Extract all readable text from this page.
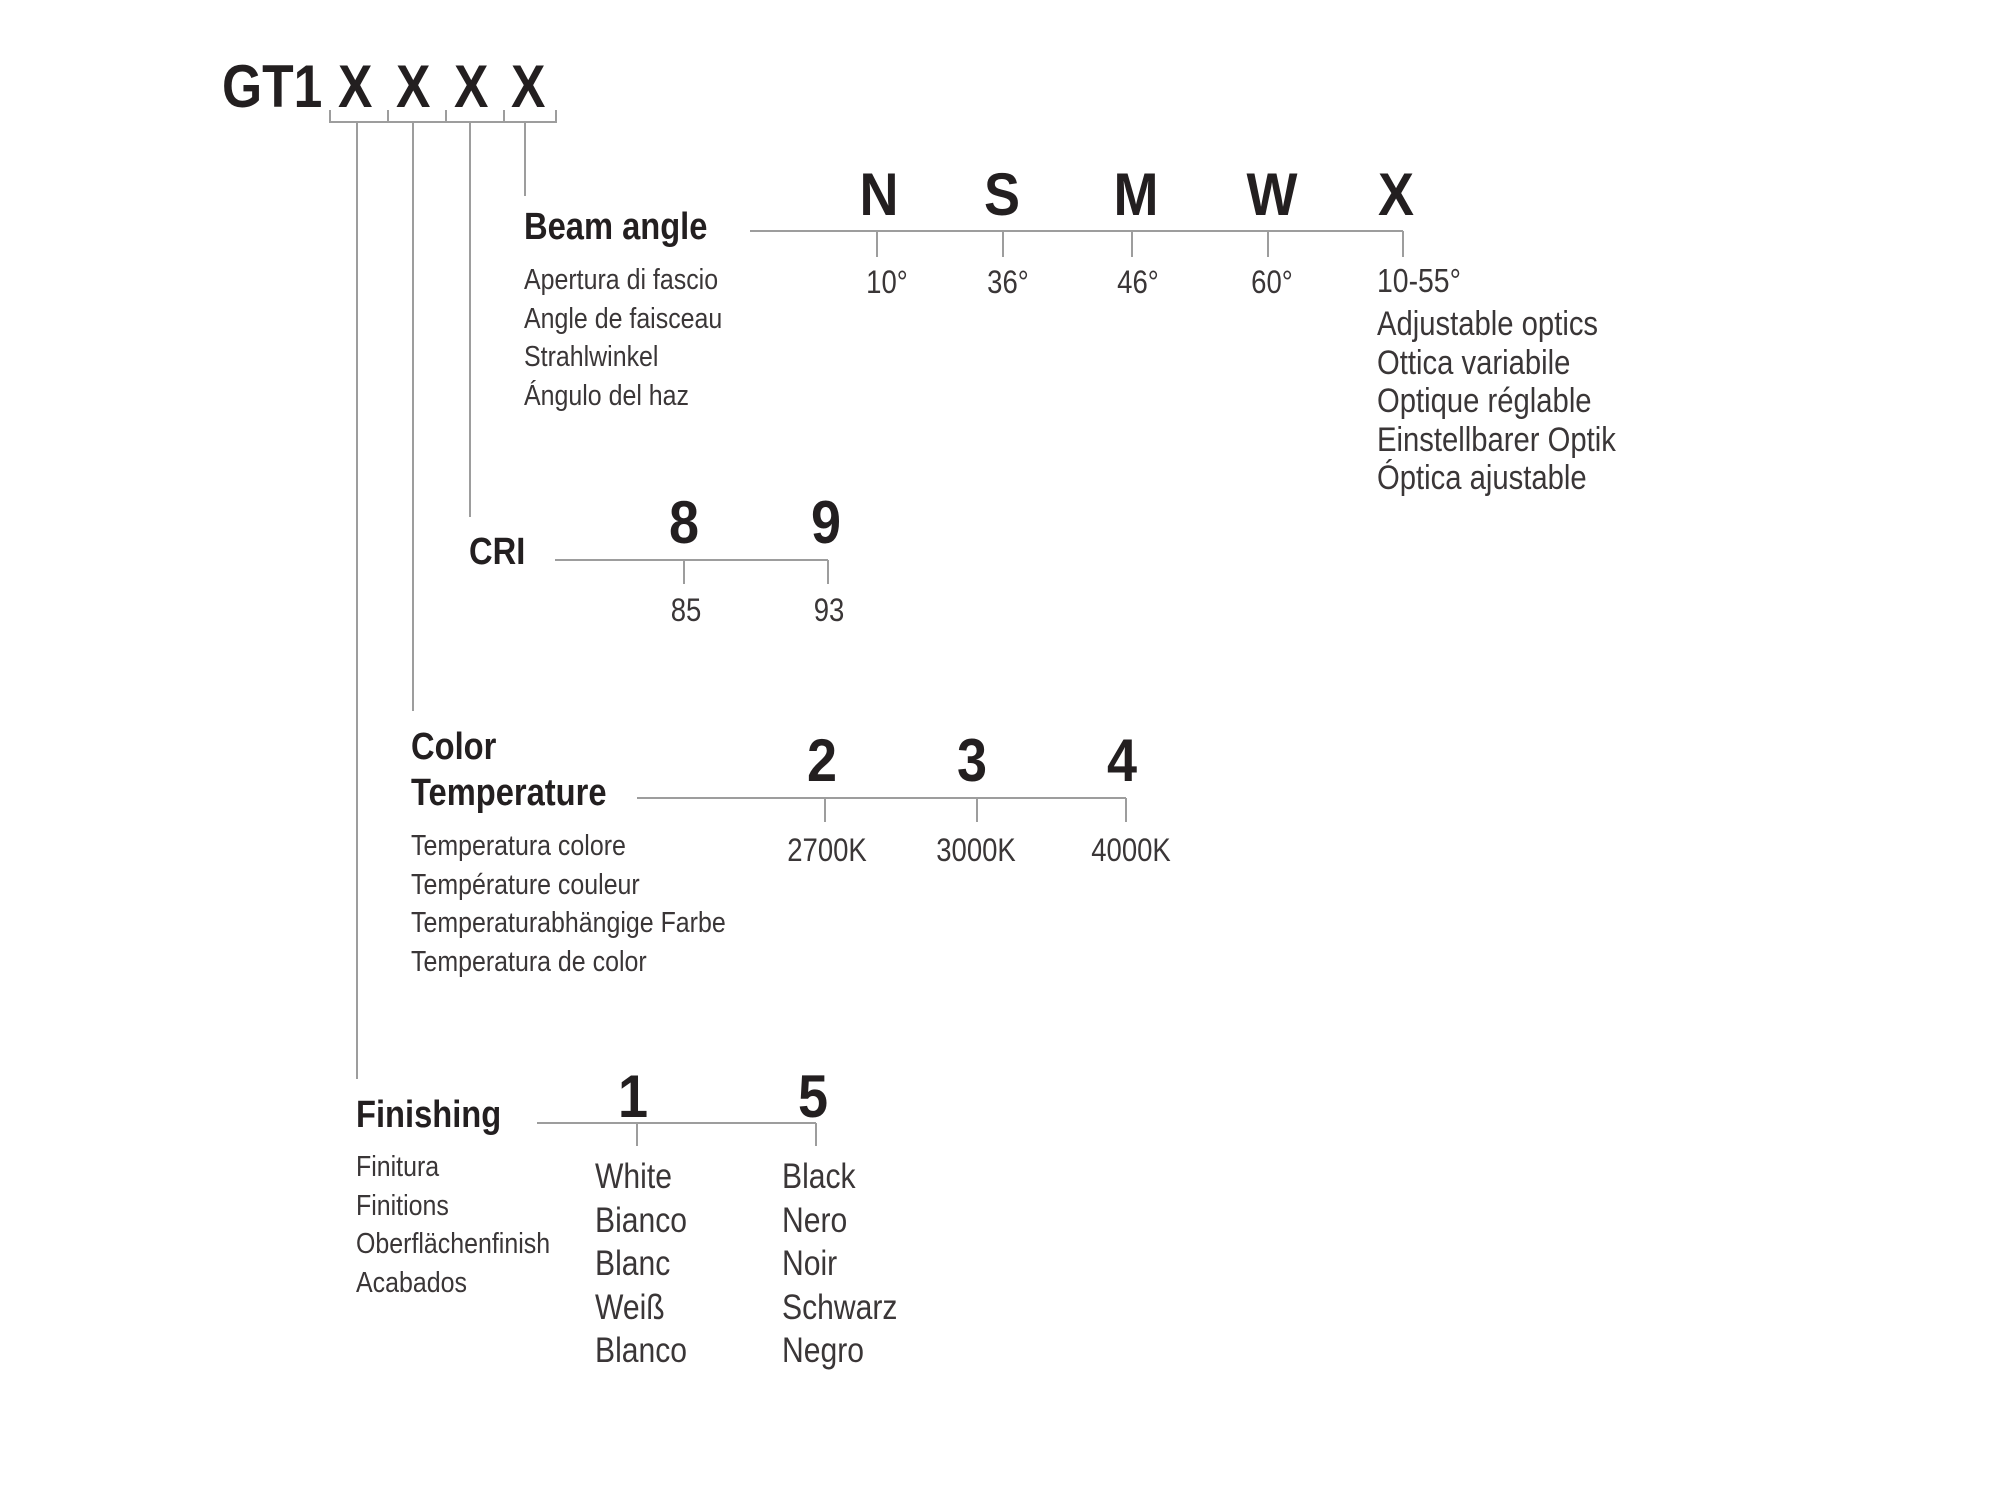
GT1 X X X X
Beam angle
Apertura di fascio
Angle de faisceau
Strahlwinkel
Ángulo del haz
N S M W X
10°	36°	46°	60°	10-55°
Adjustable optics
Ottica variabile
Optique réglable
Einstellbarer Optik
Óptica ajustable
CRI	8	9
85	93
Color
Temperature
Temperatura colore
Température couleur
Temperaturabhängige Farbe
Temperatura de color
2	3	4
2700K	3000K	4000K
Finishing
Finitura
Finitions
Oberflächenfinish
Acabados
1	5
White
Bianco
Blanc
Weiß
Blanco
Black
Nero
Noir
Schwarz
Negro
